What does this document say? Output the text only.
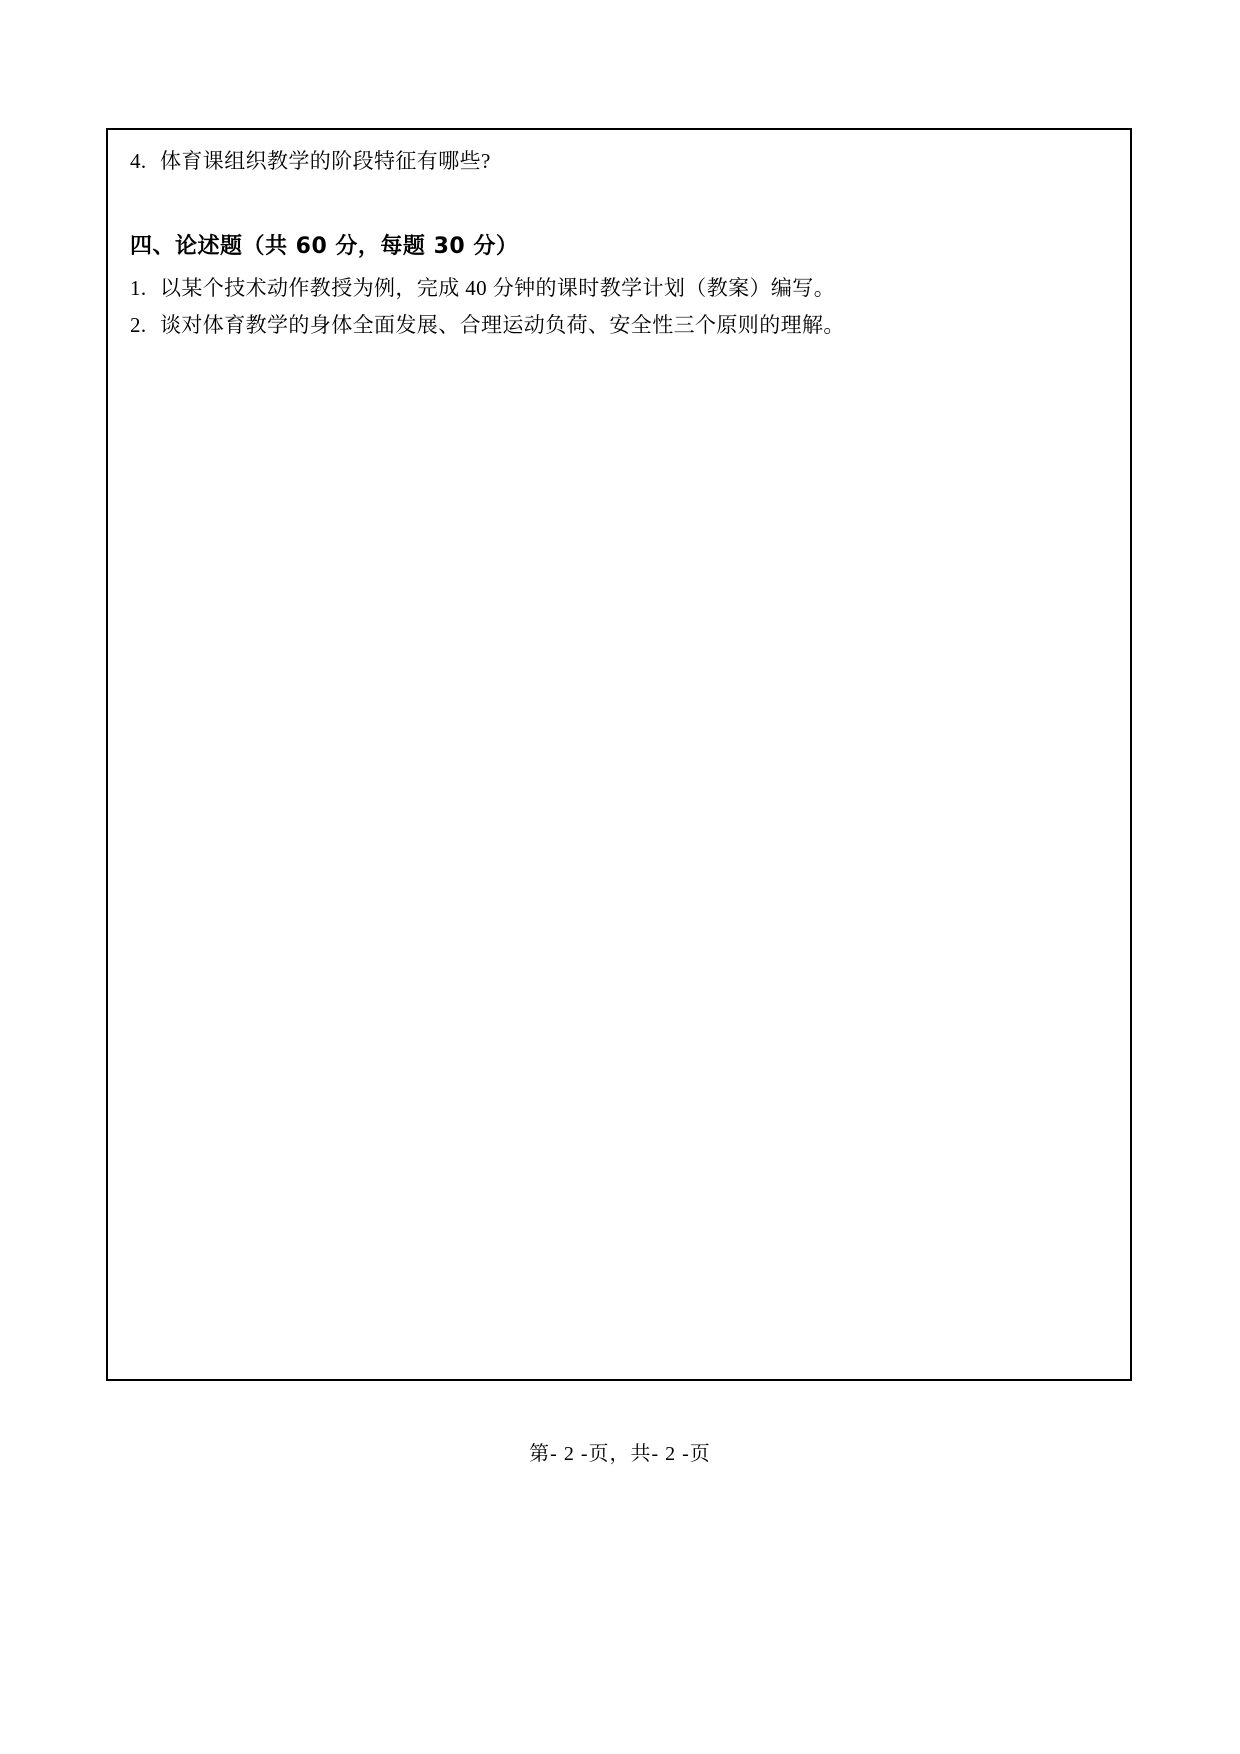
4. 体育课组织教学的阶段特征有哪些?
四、论述题（共 60 分，每题 30 分）
1. 以某个技术动作教授为例，完成 40 分钟的课时教学计划（教案）编写。
2. 谈对体育教学的身体全面发展、合理运动负荷、安全性三个原则的理解。
第- 2 -页，共- 2 -页
